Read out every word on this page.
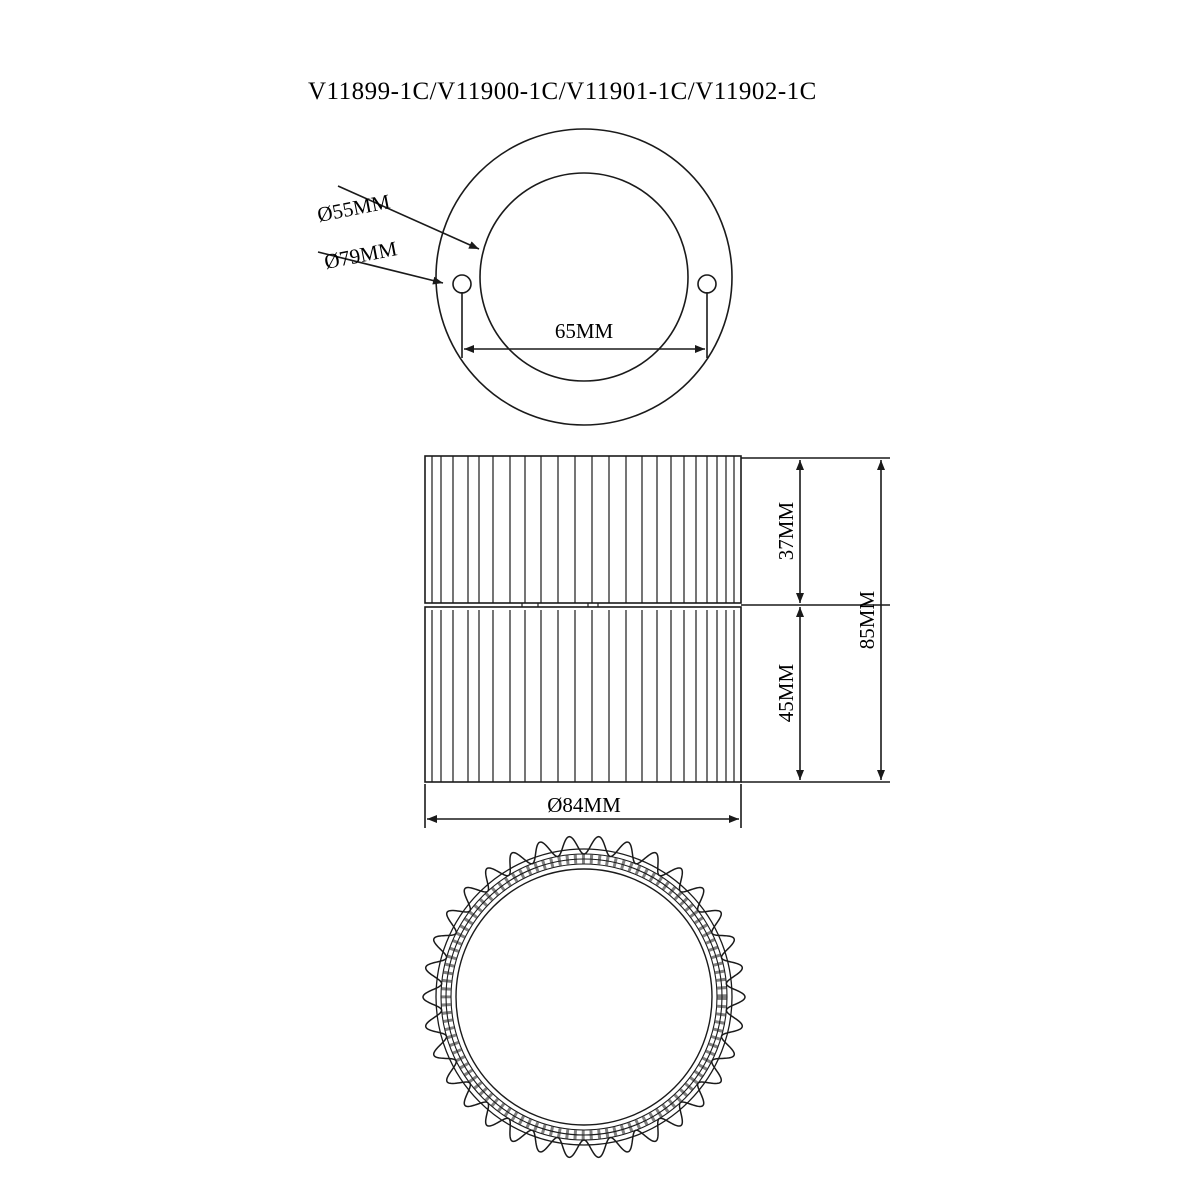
V11899-1C/V11900-1C/V11901-1C/V11902-1C
Ø55MM
Ø79MM
65MM
37MM
45MM
85MM
Ø84MM
